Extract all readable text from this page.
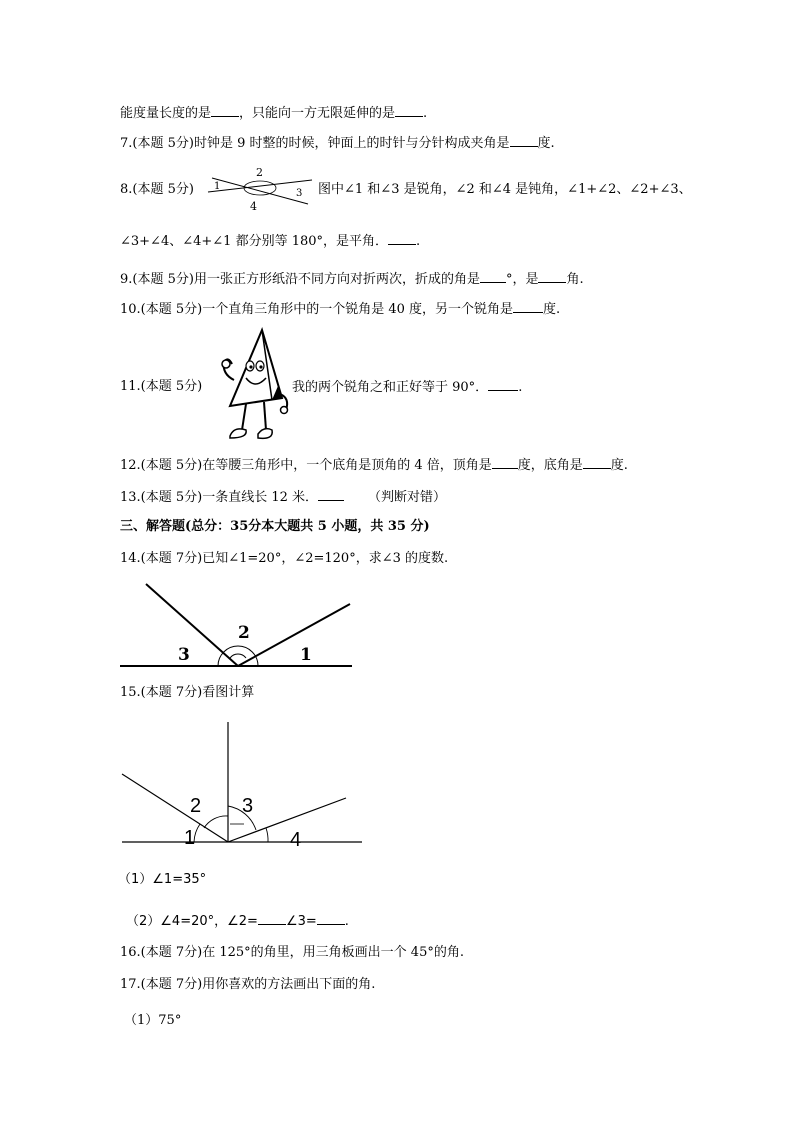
能度量长度的是 ，只能向一方无限延伸的是 .
7.(本题 5分)时钟是 9 时整的时候，钟面上的时针与分针构成夹角是 度.
8.(本题 5分) 1
2
3
4
图中∠1 和∠3 是锐角，∠2 和∠4 是钝角，∠1+∠2、∠2+∠3、
∠3+∠4、∠4+∠1 都分别等 180°，是平角． .
9.(本题 5分)用一张正方形纸沿不同方向对折两次，折成的角是 °，是 角.
10.(本题 5分)一个直角三角形中的一个锐角是 40 度，另一个锐角是 度.
11.(本题 5分)	我的两个锐角之和正好等于 90°． .
12.(本题 5分)在等腰三角形中，一个底角是顶角的 4 倍，顶角是 度，底角是 度.
13.(本题 5分)一条直线长 12 米．	（判断对错）
三、解答题(总分：35分本大题共 5 小题，共 35 分)
14.(本题 7分)已知∠1=20°，∠2=120°，求∠3 的度数.
3
2
1
15.(本题 7分)看图计算
2 3
1	4
（1）∠1=35°
（2）∠4=20°，∠2= ∠3= .
16.(本题 7分)在 125°的角里，用三角板画出一个 45°的角.
17.(本题 7分)用你喜欢的方法画出下面的角.
（1）75°
